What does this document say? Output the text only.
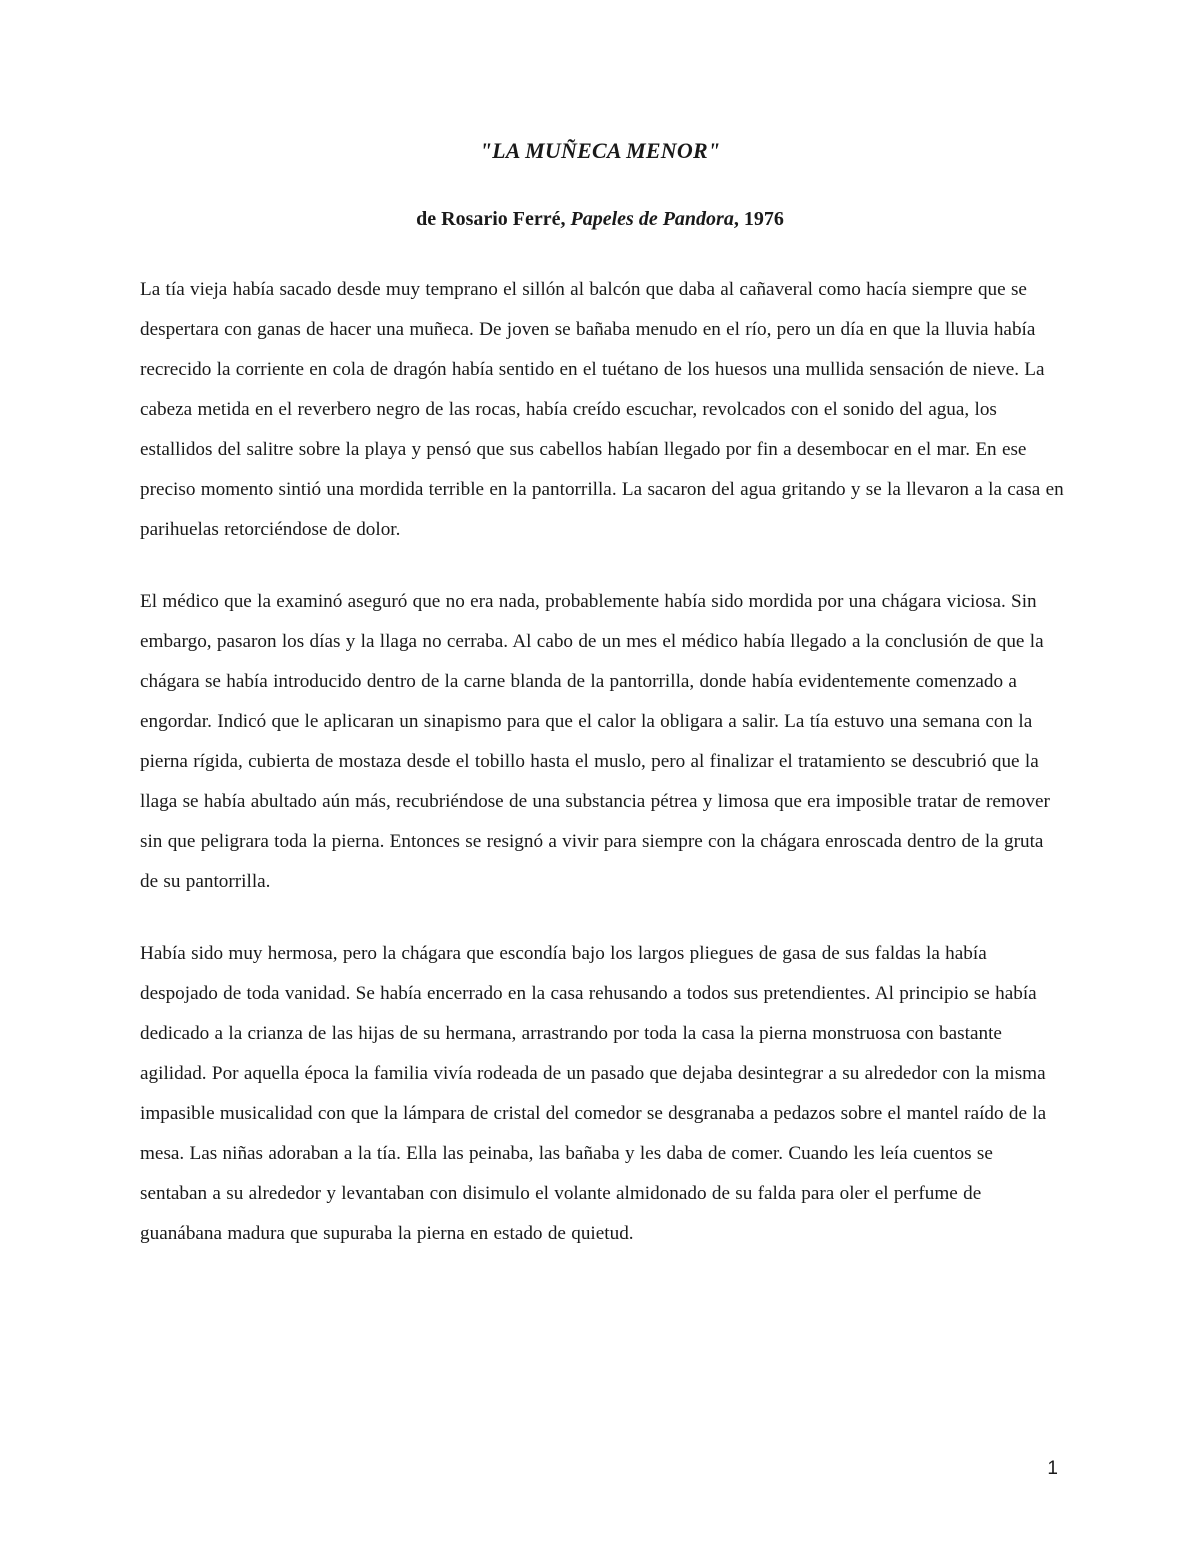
"LA MUÑECA MENOR"

de Rosario Ferré, Papeles de Pandora, 1976

La tía vieja había sacado desde muy temprano el sillón al balcón que daba al cañaveral como hacía siempre que se despertara con ganas de hacer una muñeca. De joven se bañaba menudo en el río, pero un día en que la lluvia había recrecido la corriente en cola de dragón había sentido en el tuétano de los huesos una mullida sensación de nieve. La cabeza metida en el reverbero negro de las rocas, había creído escuchar, revolcados con el sonido del agua, los estallidos del salitre sobre la playa y pensó que sus cabellos habían llegado por fin a desembocar en el mar. En ese preciso momento sintió una mordida terrible en la pantorrilla. La sacaron del agua gritando y se la llevaron a la casa en parihuelas retorciéndose de dolor.

El médico que la examinó aseguró que no era nada, probablemente había sido mordida por una chágara viciosa. Sin embargo, pasaron los días y la llaga no cerraba. Al cabo de un mes el médico había llegado a la conclusión de que la chágara se había introducido dentro de la carne blanda de la pantorrilla, donde había evidentemente comenzado a engordar. Indicó que le aplicaran un sinapismo para que el calor la obligara a salir. La tía estuvo una semana con la pierna rígida, cubierta de mostaza desde el tobillo hasta el muslo, pero al finalizar el tratamiento se descubrió que la llaga se había abultado aún más, recubriéndose de una substancia pétrea y limosa que era imposible tratar de remover sin que peligrara toda la pierna. Entonces se resignó a vivir para siempre con la chágara enroscada dentro de la gruta de su pantorrilla.

Había sido muy hermosa, pero la chágara que escondía bajo los largos pliegues de gasa de sus faldas la había despojado de toda vanidad. Se había encerrado en la casa rehusando a todos sus pretendientes. Al principio se había dedicado a la crianza de las hijas de su hermana, arrastrando por toda la casa la pierna monstruosa con bastante agilidad. Por aquella época la familia vivía rodeada de un pasado que dejaba desintegrar a su alrededor con la misma impasible musicalidad con que la lámpara de cristal del comedor se desgranaba a pedazos sobre el mantel raído de la mesa. Las niñas adoraban a la tía. Ella las peinaba, las bañaba y les daba de comer. Cuando les leía cuentos se sentaban a su alrededor y levantaban con disimulo el volante almidonado de su falda para oler el perfume de guanábana madura que supuraba la pierna en estado de quietud.

1
